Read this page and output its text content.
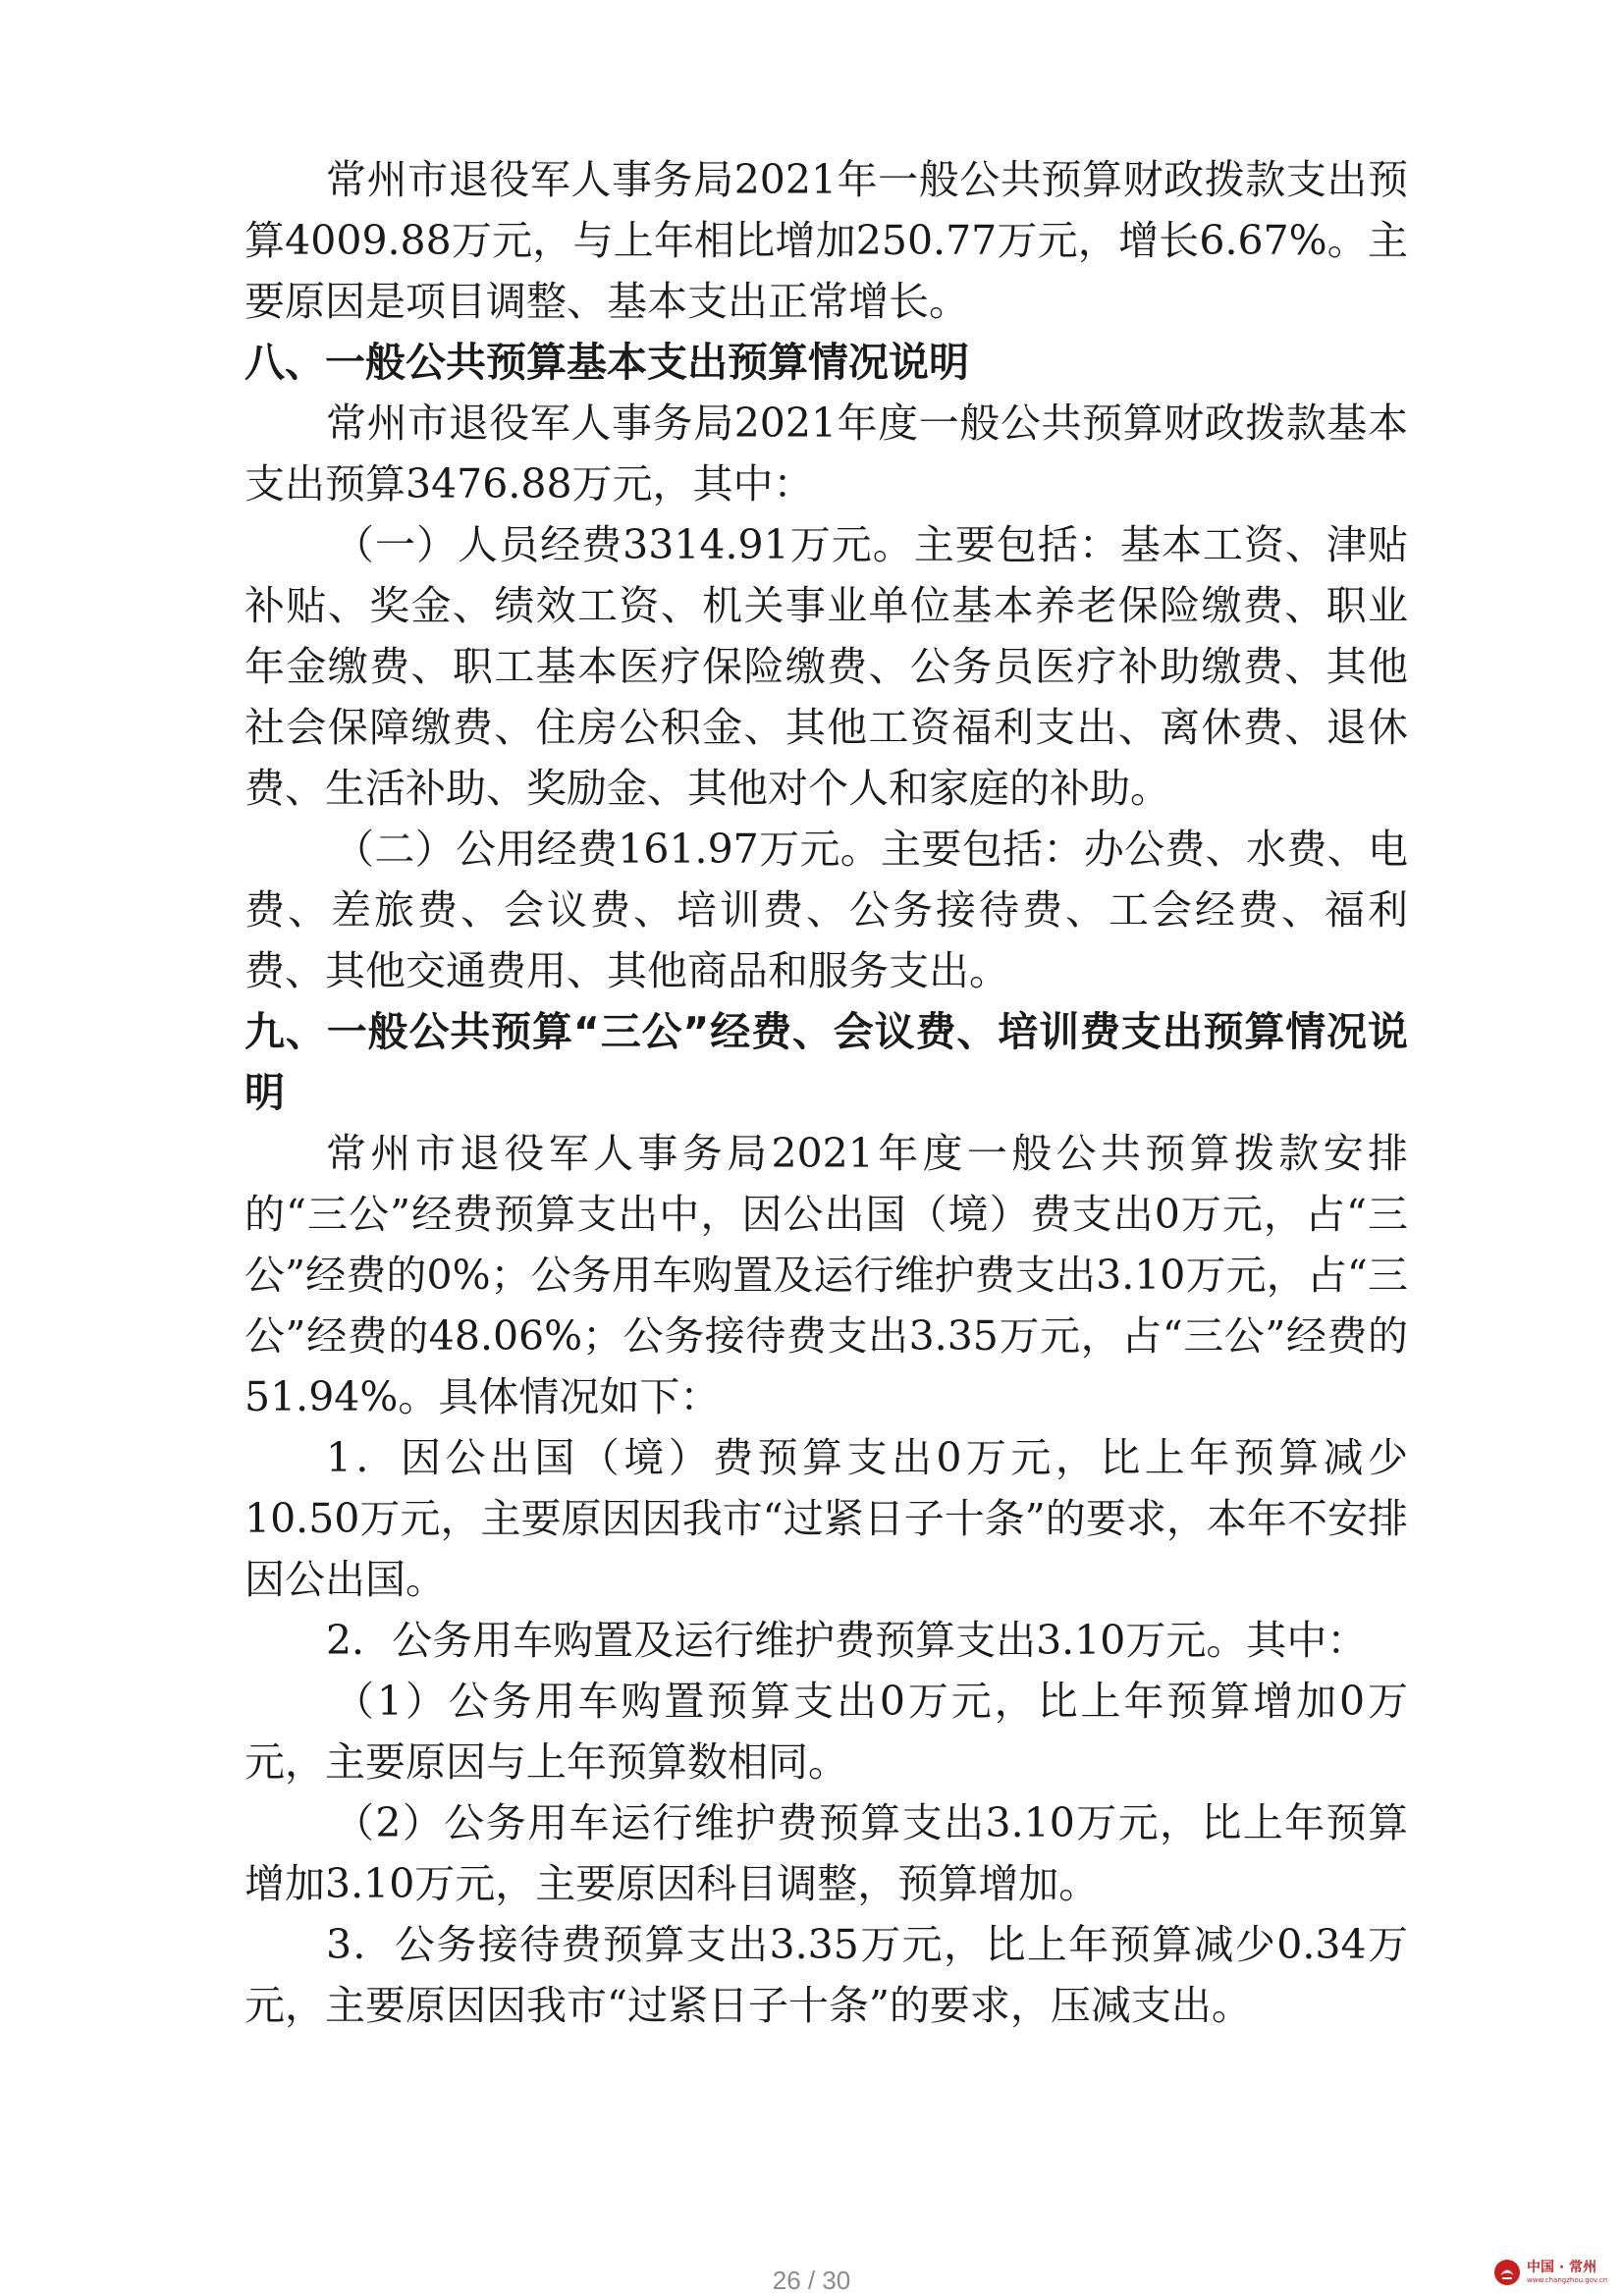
常州市退役军人事务局2021年一般公共预算财政拨款支出预算4009.88万元，与上年相比增加250.77万元，增长6.67%。主要原因是项目调整、基本支出正常增长。

八、一般公共预算基本支出预算情况说明

常州市退役军人事务局2021年度一般公共预算财政拨款基本支出预算3476.88万元，其中：

（一）人员经费3314.91万元。主要包括：基本工资、津贴补贴、奖金、绩效工资、机关事业单位基本养老保险缴费、职业年金缴费、职工基本医疗保险缴费、公务员医疗补助缴费、其他社会保障缴费、住房公积金、其他工资福利支出、离休费、退休费、生活补助、奖励金、其他对个人和家庭的补助。

（二）公用经费161.97万元。主要包括：办公费、水费、电费、差旅费、会议费、培训费、公务接待费、工会经费、福利费、其他交通费用、其他商品和服务支出。

九、一般公共预算“三公”经费、会议费、培训费支出预算情况说明

常州市退役军人事务局2021年度一般公共预算拨款安排的“三公”经费预算支出中，因公出国（境）费支出0万元，占“三公”经费的0%；公务用车购置及运行维护费支出3.10万元，占“三公”经费的48.06%；公务接待费支出3.35万元，占“三公”经费的51.94%。具体情况如下：

1．因公出国（境）费预算支出0万元，比上年预算减少10.50万元，主要原因因我市“过紧日子十条”的要求，本年不安排因公出国。

2．公务用车购置及运行维护费预算支出3.10万元。其中：

（1）公务用车购置预算支出0万元，比上年预算增加0万元，主要原因与上年预算数相同。

（2）公务用车运行维护费预算支出3.10万元，比上年预算增加3.10万元，主要原因科目调整，预算增加。

3．公务接待费预算支出3.35万元，比上年预算减少0.34万元，主要原因因我市“过紧日子十条”的要求，压减支出。

26 / 30	中国 · 常州
www.changzhou.gov.cn
